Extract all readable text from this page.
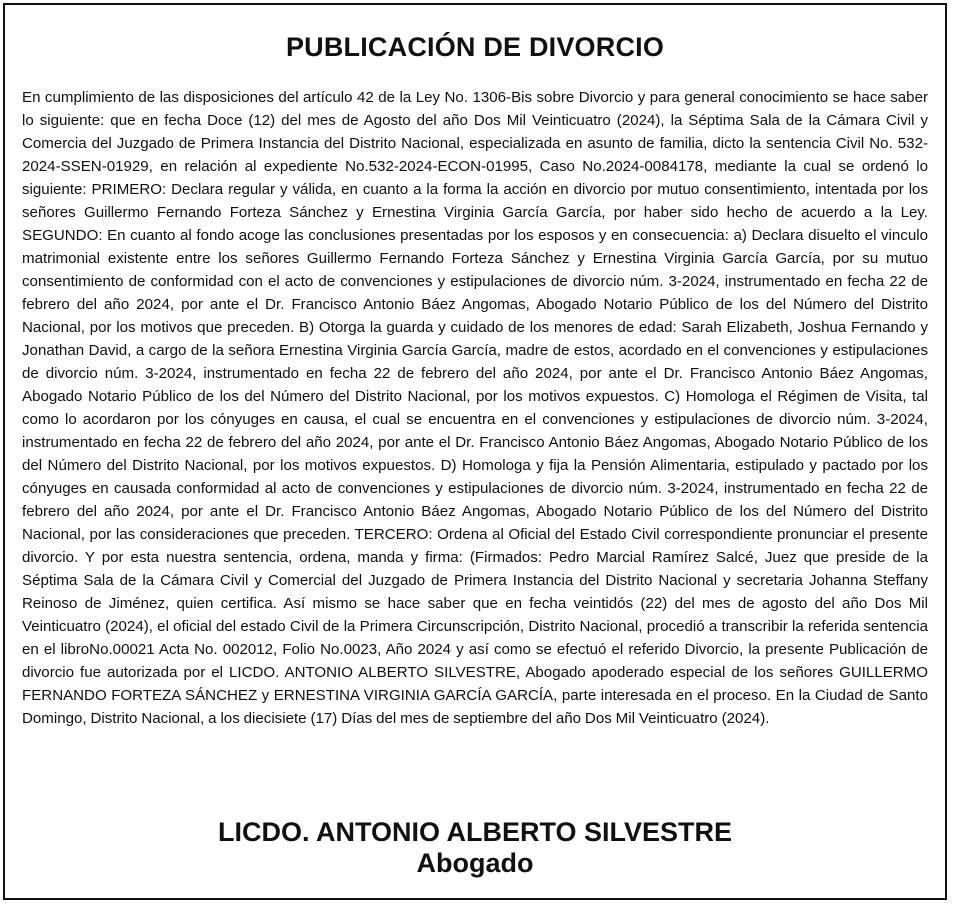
PUBLICACIÓN DE DIVORCIO

En cumplimiento de las disposiciones del artículo 42 de la Ley No. 1306-Bis sobre Divorcio y para general conocimiento se hace saber lo siguiente: que en fecha Doce (12) del mes de Agosto del año Dos Mil Veinticuatro (2024), la Séptima Sala de la Cámara Civil y Comercia del Juzgado de Primera Instancia del Distrito Nacional, especializada en asunto de familia, dicto la sentencia Civil No. 532-2024-SSEN-01929, en relación al expediente No.532-2024-ECON-01995, Caso No.2024-0084178, mediante la cual se ordenó lo siguiente: PRIMERO: Declara regular y válida, en cuanto a la forma la acción en divorcio por mutuo consentimiento, intentada por los señores Guillermo Fernando Forteza Sánchez y Ernestina Virginia García García, por haber sido hecho de acuerdo a la Ley. SEGUNDO: En cuanto al fondo acoge las conclusiones presentadas por los esposos y en consecuencia: a) Declara disuelto el vinculo matrimonial existente entre los señores Guillermo Fernando Forteza Sánchez y Ernestina Virginia García García, por su mutuo consentimiento de conformidad con el acto de convenciones y estipulaciones de divorcio núm. 3-2024, instrumentado en fecha 22 de febrero del año 2024, por ante el Dr. Francisco Antonio Báez Angomas, Abogado Notario Público de los del Número del Distrito Nacional, por los motivos que preceden. B) Otorga la guarda y cuidado de los menores de edad: Sarah Elizabeth, Joshua Fernando y Jonathan David, a cargo de la señora Ernestina Virginia García García, madre de estos, acordado en el convenciones y estipulaciones de divorcio núm. 3-2024, instrumentado en fecha 22 de febrero del año 2024, por ante el Dr. Francisco Antonio Báez Angomas, Abogado Notario Público de los del Número del Distrito Nacional, por los motivos expuestos. C) Homologa el Régimen de Visita, tal como lo acordaron por los cónyuges en causa, el cual se encuentra en el convenciones y estipulaciones de divorcio núm. 3-2024, instrumentado en fecha 22 de febrero del año 2024, por ante el Dr. Francisco Antonio Báez Angomas, Abogado Notario Público de los del Número del Distrito Nacional, por los motivos expuestos. D) Homologa y fija la Pensión Alimentaria, estipulado y pactado por los cónyuges en causada conformidad al acto de convenciones y estipulaciones de divorcio núm. 3-2024, instrumentado en fecha 22 de febrero del año 2024, por ante el Dr. Francisco Antonio Báez Angomas, Abogado Notario Público de los del Número del Distrito Nacional, por las consideraciones que preceden. TERCERO: Ordena al Oficial del Estado Civil correspondiente pronunciar el presente divorcio. Y por esta nuestra sentencia, ordena, manda y firma: (Firmados: Pedro Marcial Ramírez Salcé, Juez que preside de la Séptima Sala de la Cámara Civil y Comercial del Juzgado de Primera Instancia del Distrito Nacional y secretaria Johanna Steffany Reinoso de Jiménez, quien certifica. Así mismo se hace saber que en fecha veintidós (22) del mes de agosto del año Dos Mil Veinticuatro (2024), el oficial del estado Civil de la Primera Circunscripción, Distrito Nacional, procedió a transcribir la referida sentencia en el libroNo.00021 Acta No. 002012, Folio No.0023, Año 2024 y así como se efectuó el referido Divorcio, la presente Publicación de divorcio fue autorizada por el LICDO. ANTONIO ALBERTO SILVESTRE, Abogado apoderado especial de los señores GUILLERMO FERNANDO FORTEZA SÁNCHEZ y ERNESTINA VIRGINIA GARCÍA GARCÍA, parte interesada en el proceso. En la Ciudad de Santo Domingo, Distrito Nacional, a los diecisiete (17) Días del mes de septiembre del año Dos Mil Veinticuatro (2024).

LICDO. ANTONIO ALBERTO SILVESTRE
Abogado
